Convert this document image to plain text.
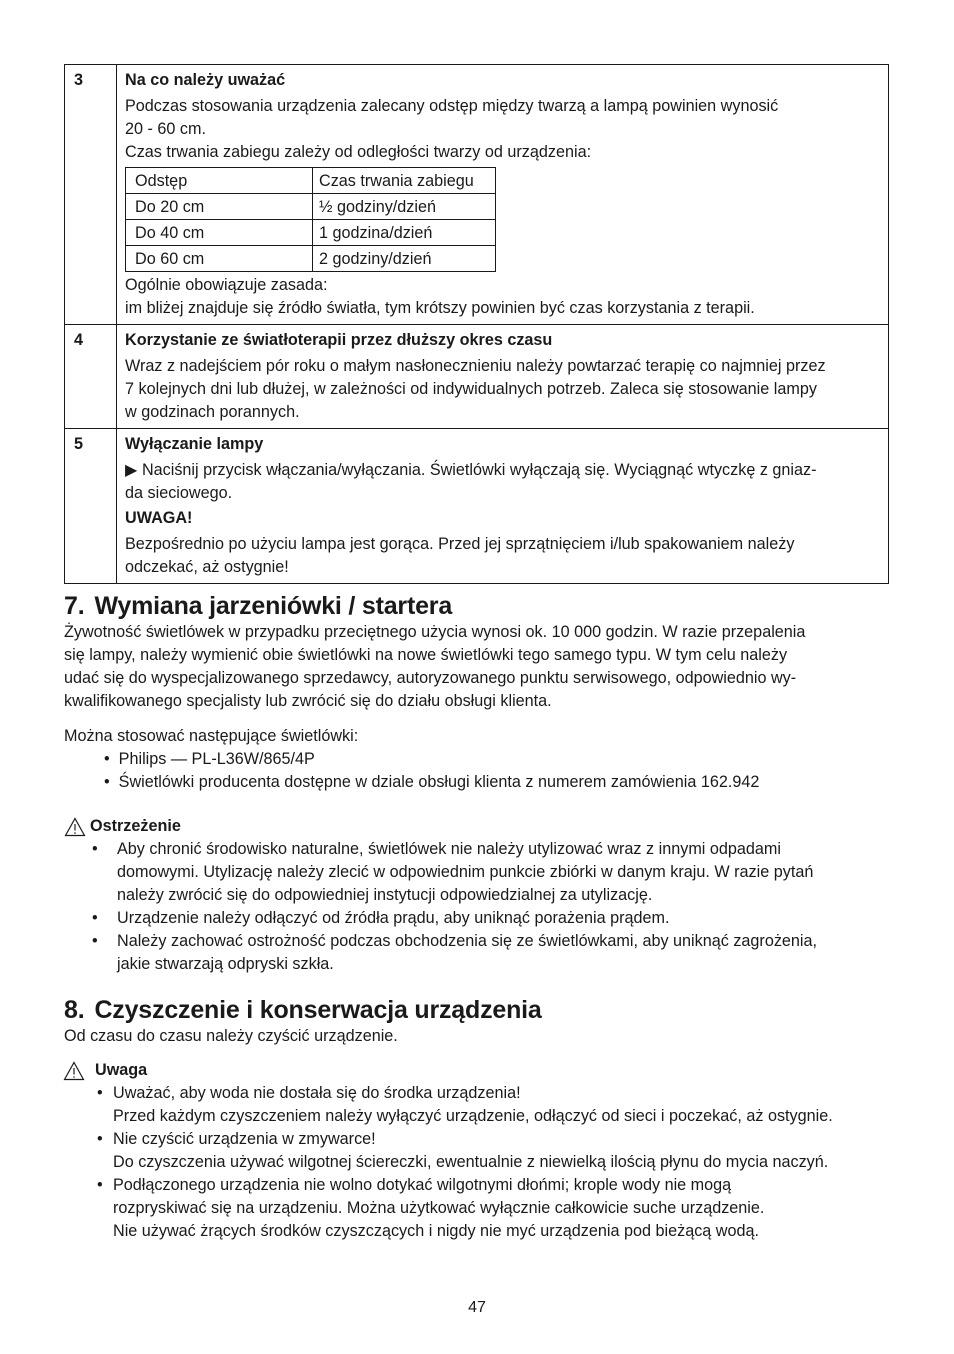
3	Na co należy uważać

Podczas stosowania urządzenia zalecany odstęp między twarzą a lampą powinien wynosić

20 - 60 cm.

Czas trwania zabiegu zależy od odległości twarzy od urządzenia:

Odstęp	Czas trwania zabiegu
Do 20 cm	½ godziny/dzień
Do 40 cm	1 godzina/dzień
Do 60 cm	2 godziny/dzień

Ogólnie obowiązuje zasada:

im bliżej znajduje się źródło światła, tym krótszy powinien być czas korzystania z terapii.

4	Korzystanie ze światłoterapii przez dłuższy okres czasu

Wraz z nadejściem pór roku o małym nasłonecznieniu należy powtarzać terapię co najmniej przez

7 kolejnych dni lub dłużej, w zależności od indywidualnych potrzeb. Zaleca się stosowanie lampy

w godzinach porannych.

5	Wyłączanie lampy

▶ Naciśnij przycisk włączania/wyłączania. Świetlówki wyłączają się. Wyciągnąć wtyczkę z gniaz-

da sieciowego.

UWAGA!

Bezpośrednio po użyciu lampa jest gorąca. Przed jej sprzątnięciem i/lub spakowaniem należy

odczekać, aż ostygnie!

7. Wymiana jarzeniówki / startera

Żywotność świetlówek w przypadku przeciętnego użycia wynosi ok. 10 000 godzin. W razie przepalenia

się lampy, należy wymienić obie świetlówki na nowe świetlówki tego samego typu. W tym celu należy

udać się do wyspecjalizowanego sprzedawcy, autoryzowanego punktu serwisowego, odpowiednio wy-

kwalifikowanego specjalisty lub zwrócić się do działu obsługi klienta.

Można stosować następujące świetlówki:

•  Philips — PL-L36W/865/4P
•  Świetlówki producenta dostępne w dziale obsługi klienta z numerem zamówienia 162.942
Ostrzeżenie
• Aby chronić środowisko naturalne, świetlówek nie należy utylizować wraz z innymi odpadami

domowymi. Utylizację należy zlecić w odpowiednim punkcie zbiórki w danym kraju. W razie pytań

należy zwrócić się do odpowiedniej instytucji odpowiedzialnej za utylizację.

• Urządzenie należy odłączyć od źródła prądu, aby uniknąć porażenia prądem.

• Należy zachować ostrożność podczas obchodzenia się ze świetlówkami, aby uniknąć zagrożenia,

jakie stwarzają odpryski szkła.

8. Czyszczenie i konserwacja urządzenia

Od czasu do czasu należy czyścić urządzenie.

Uwaga
• Uważać, aby woda nie dostała się do środka urządzenia!

Przed każdym czyszczeniem należy wyłączyć urządzenie, odłączyć od sieci i poczekać, aż ostygnie.

• Nie czyścić urządzenia w zmywarce!

Do czyszczenia używać wilgotnej ściereczki, ewentualnie z niewielką ilością płynu do mycia naczyń.

• Podłączonego urządzenia nie wolno dotykać wilgotnymi dłońmi; krople wody nie mogą

rozpryskiwać się na urządzeniu. Można użytkować wyłącznie całkowicie suche urządzenie.

Nie używać żrących środków czyszczących i nigdy nie myć urządzenia pod bieżącą wodą.

47
